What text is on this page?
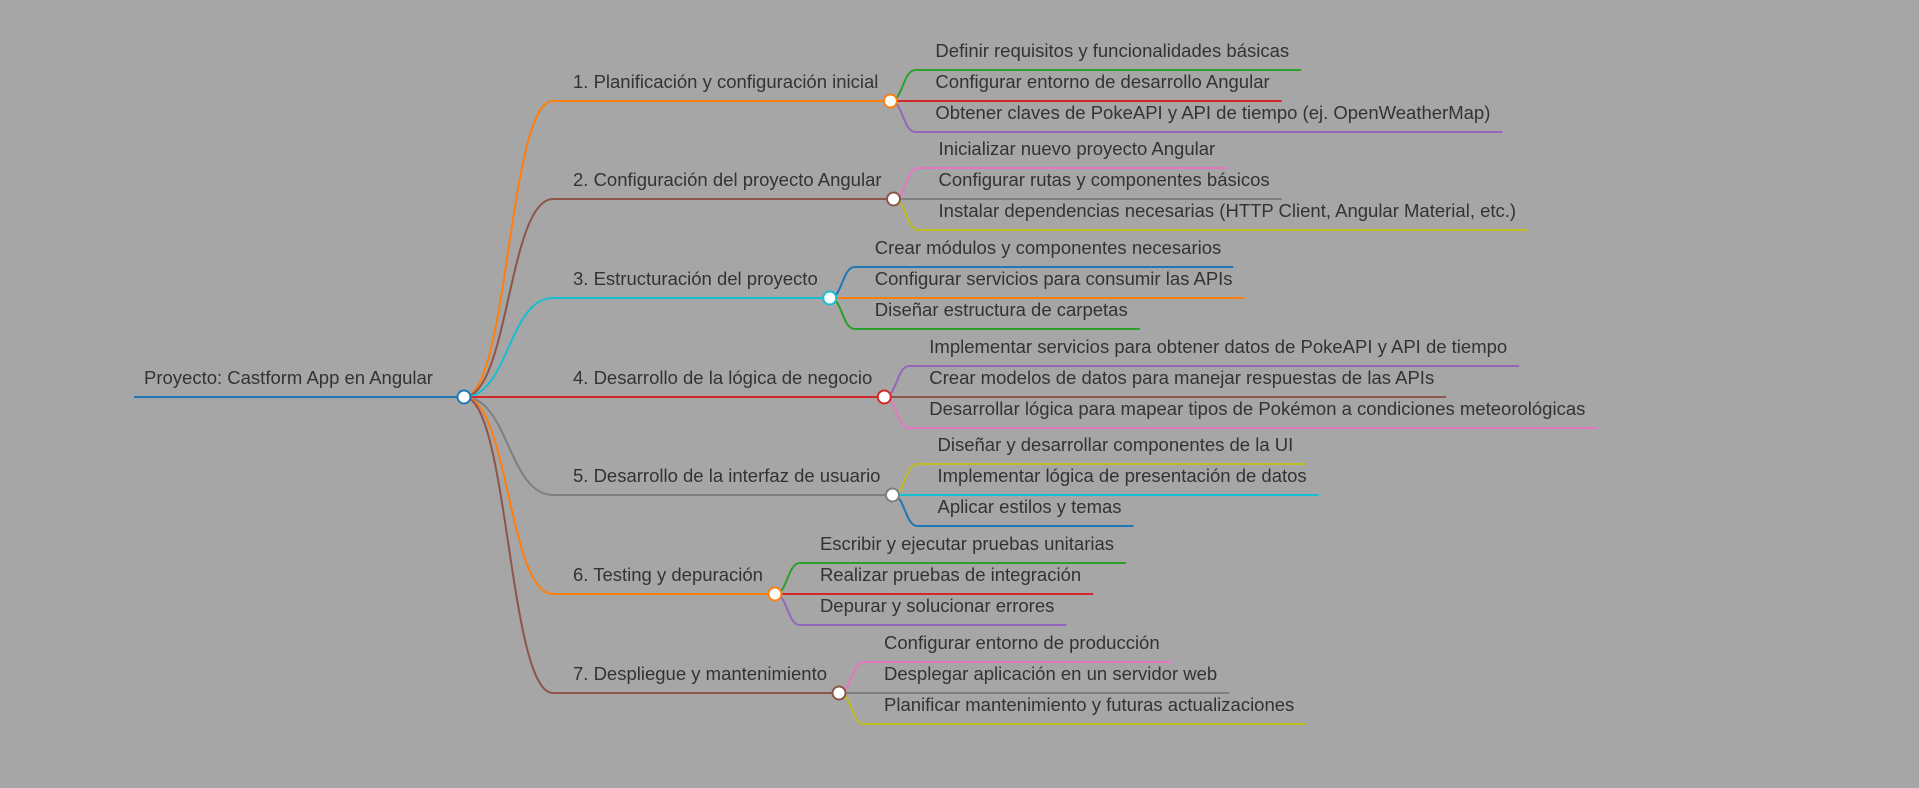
Proyecto: Castform App en Angular
1. Planificación y configuración inicial
Definir requisitos y funcionalidades básicas
Configurar entorno de desarrollo Angular
Obtener claves de PokeAPI y API de tiempo (ej. OpenWeatherMap)
2. Configuración del proyecto Angular
Inicializar nuevo proyecto Angular
Configurar rutas y componentes básicos
Instalar dependencias necesarias (HTTP Client, Angular Material, etc.)
3. Estructuración del proyecto
Crear módulos y componentes necesarios
Configurar servicios para consumir las APIs
Diseñar estructura de carpetas
4. Desarrollo de la lógica de negocio
Implementar servicios para obtener datos de PokeAPI y API de tiempo
Crear modelos de datos para manejar respuestas de las APIs
Desarrollar lógica para mapear tipos de Pokémon a condiciones meteorológicas
5. Desarrollo de la interfaz de usuario
Diseñar y desarrollar componentes de la UI
Implementar lógica de presentación de datos
Aplicar estilos y temas
6. Testing y depuración
Escribir y ejecutar pruebas unitarias
Realizar pruebas de integración
Depurar y solucionar errores
7. Despliegue y mantenimiento
Configurar entorno de producción
Desplegar aplicación en un servidor web
Planificar mantenimiento y futuras actualizaciones
